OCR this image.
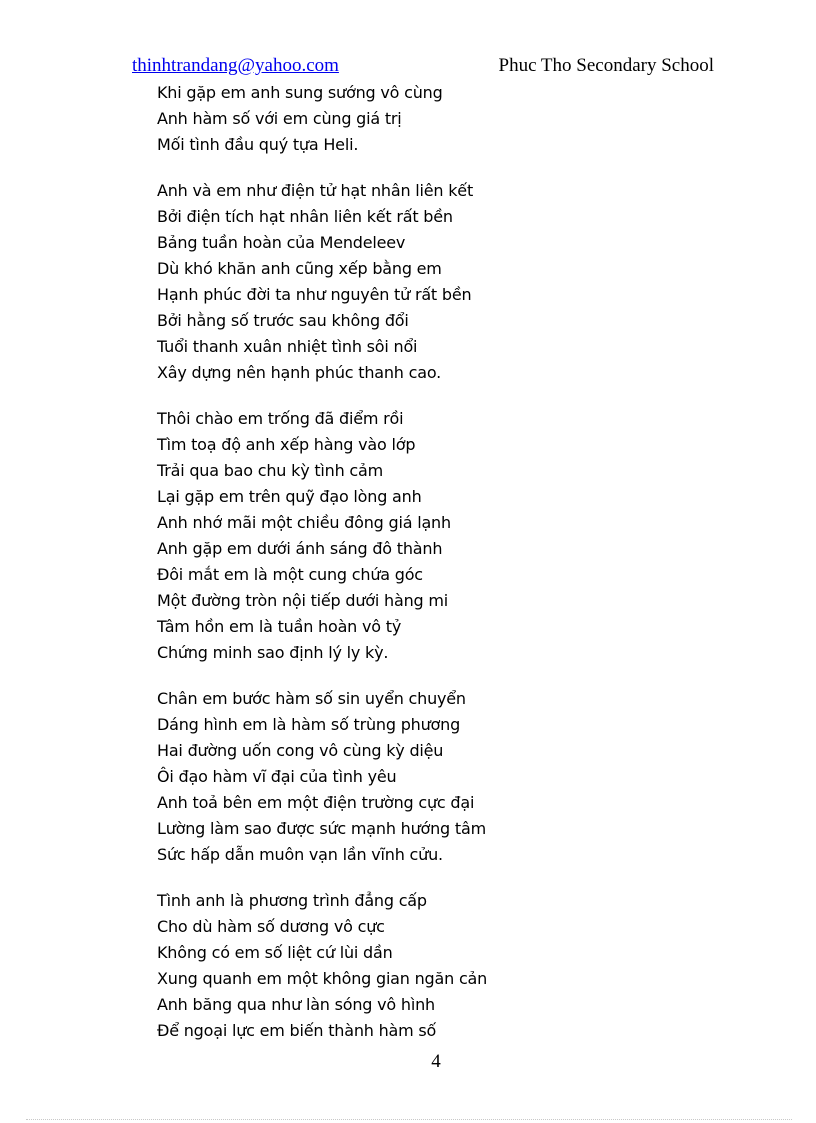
thinhtrandang@yahoo.com	Phuc Tho Secondary School
Khi gặp em anh sung sướng vô cùng
Anh hàm số với em cùng giá trị
Mối tình đầu quý tựa Heli.
Anh và em như điện tử hạt nhân liên kết
Bởi điện tích hạt nhân liên kết rất bền
Bảng tuần hoàn của Mendeleev
Dù khó khăn anh cũng xếp bằng em
Hạnh phúc đời ta như nguyên tử rất bền
Bởi hằng số trước sau không đổi
Tuổi thanh xuân nhiệt tình sôi nổi
Xây dựng nên hạnh phúc thanh cao.
Thôi chào em trống đã điểm rồi
Tìm toạ độ anh xếp hàng vào lớp
Trải qua bao chu kỳ tình cảm
Lại gặp em trên quỹ đạo lòng anh
Anh nhớ mãi một chiều đông giá lạnh
Anh gặp em dưới ánh sáng đô thành
Đôi mắt em là một cung chứa góc
Một đường tròn nội tiếp dưới hàng mi
Tâm hồn em là tuần hoàn vô tỷ
Chứng minh sao định lý ly kỳ.
Chân em bước hàm số sin uyển chuyển
Dáng hình em là hàm số trùng phương
Hai đường uốn cong vô cùng kỳ diệu
Ôi đạo hàm vĩ đại của tình yêu
Anh toả bên em một điện trường cực đại
Lường làm sao được sức mạnh hướng tâm
Sức hấp dẫn muôn vạn lần vĩnh cửu.
Tình anh là phương trình đẳng cấp
Cho dù hàm số dương vô cực
Không có em số liệt cứ lùi dần
Xung quanh em một không gian ngăn cản
Anh băng qua như làn sóng vô hình
Để ngoại lực em biến thành hàm số
4
